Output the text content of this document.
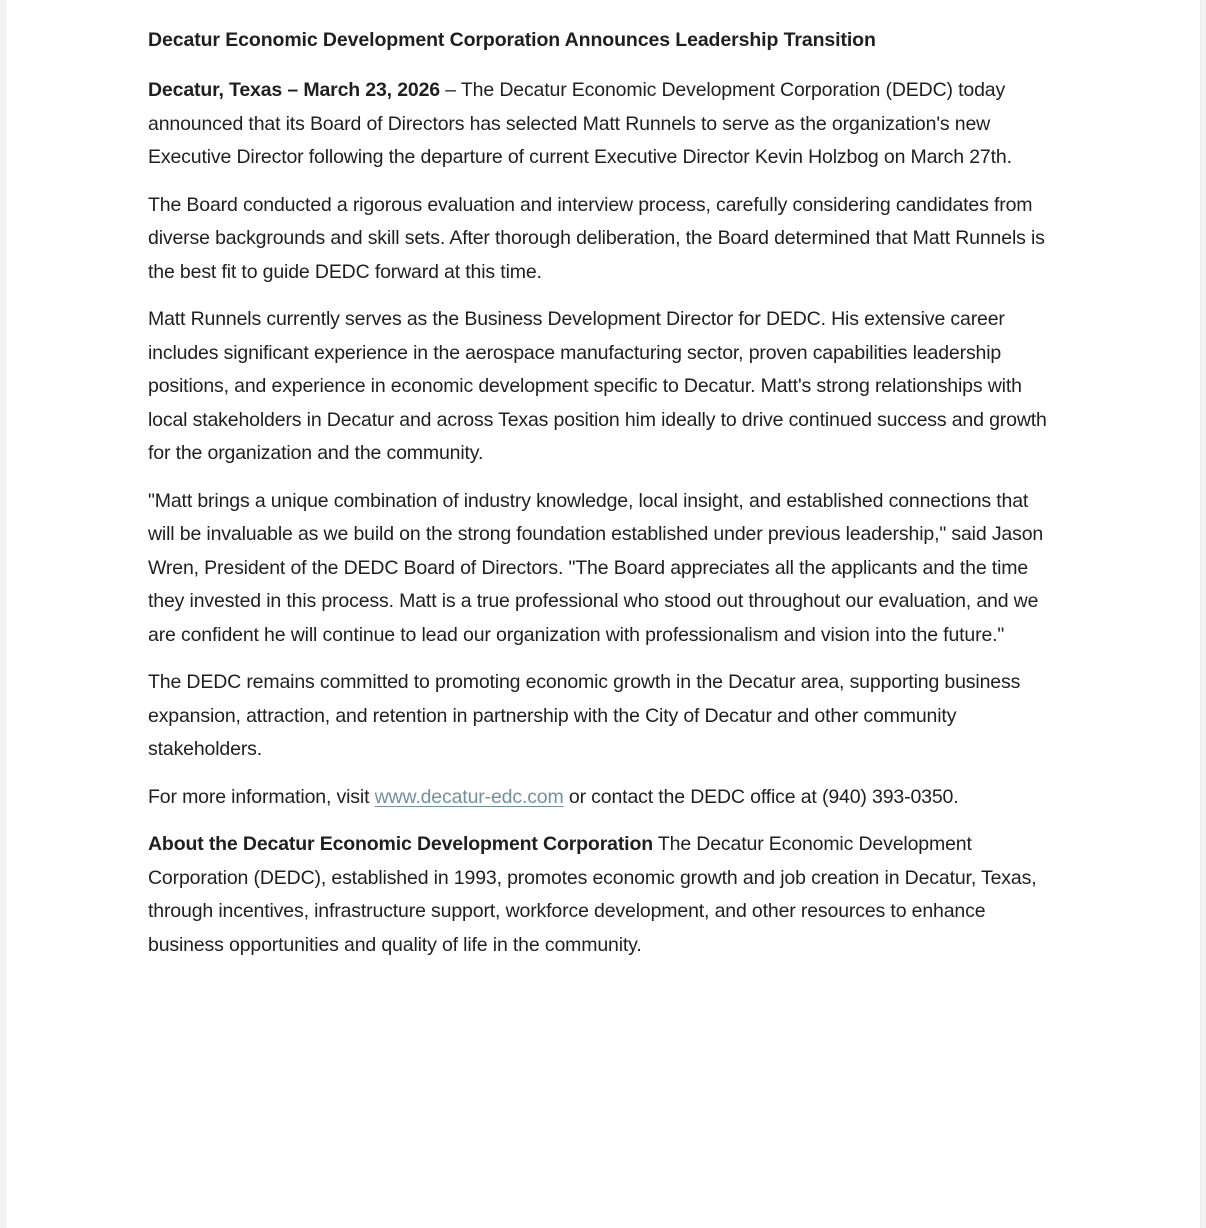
Decatur Economic Development Corporation Announces Leadership Transition

Decatur, Texas – March 23, 2026 – The Decatur Economic Development Corporation (DEDC) today announced that its Board of Directors has selected Matt Runnels to serve as the organization's new Executive Director following the departure of current Executive Director Kevin Holzbog on March 27th.

The Board conducted a rigorous evaluation and interview process, carefully considering candidates from diverse backgrounds and skill sets. After thorough deliberation, the Board determined that Matt Runnels is the best fit to guide DEDC forward at this time.

Matt Runnels currently serves as the Business Development Director for DEDC. His extensive career includes significant experience in the aerospace manufacturing sector, proven capabilities leadership positions, and experience in economic development specific to Decatur. Matt's strong relationships with local stakeholders in Decatur and across Texas position him ideally to drive continued success and growth for the organization and the community.

"Matt brings a unique combination of industry knowledge, local insight, and established connections that will be invaluable as we build on the strong foundation established under previous leadership," said Jason Wren, President of the DEDC Board of Directors. "The Board appreciates all the applicants and the time they invested in this process. Matt is a true professional who stood out throughout our evaluation, and we are confident he will continue to lead our organization with professionalism and vision into the future."

The DEDC remains committed to promoting economic growth in the Decatur area, supporting business expansion, attraction, and retention in partnership with the City of Decatur and other community stakeholders.

For more information, visit www.decatur-edc.com or contact the DEDC office at (940) 393-0350.

About the Decatur Economic Development Corporation The Decatur Economic Development Corporation (DEDC), established in 1993, promotes economic growth and job creation in Decatur, Texas, through incentives, infrastructure support, workforce development, and other resources to enhance business opportunities and quality of life in the community.
